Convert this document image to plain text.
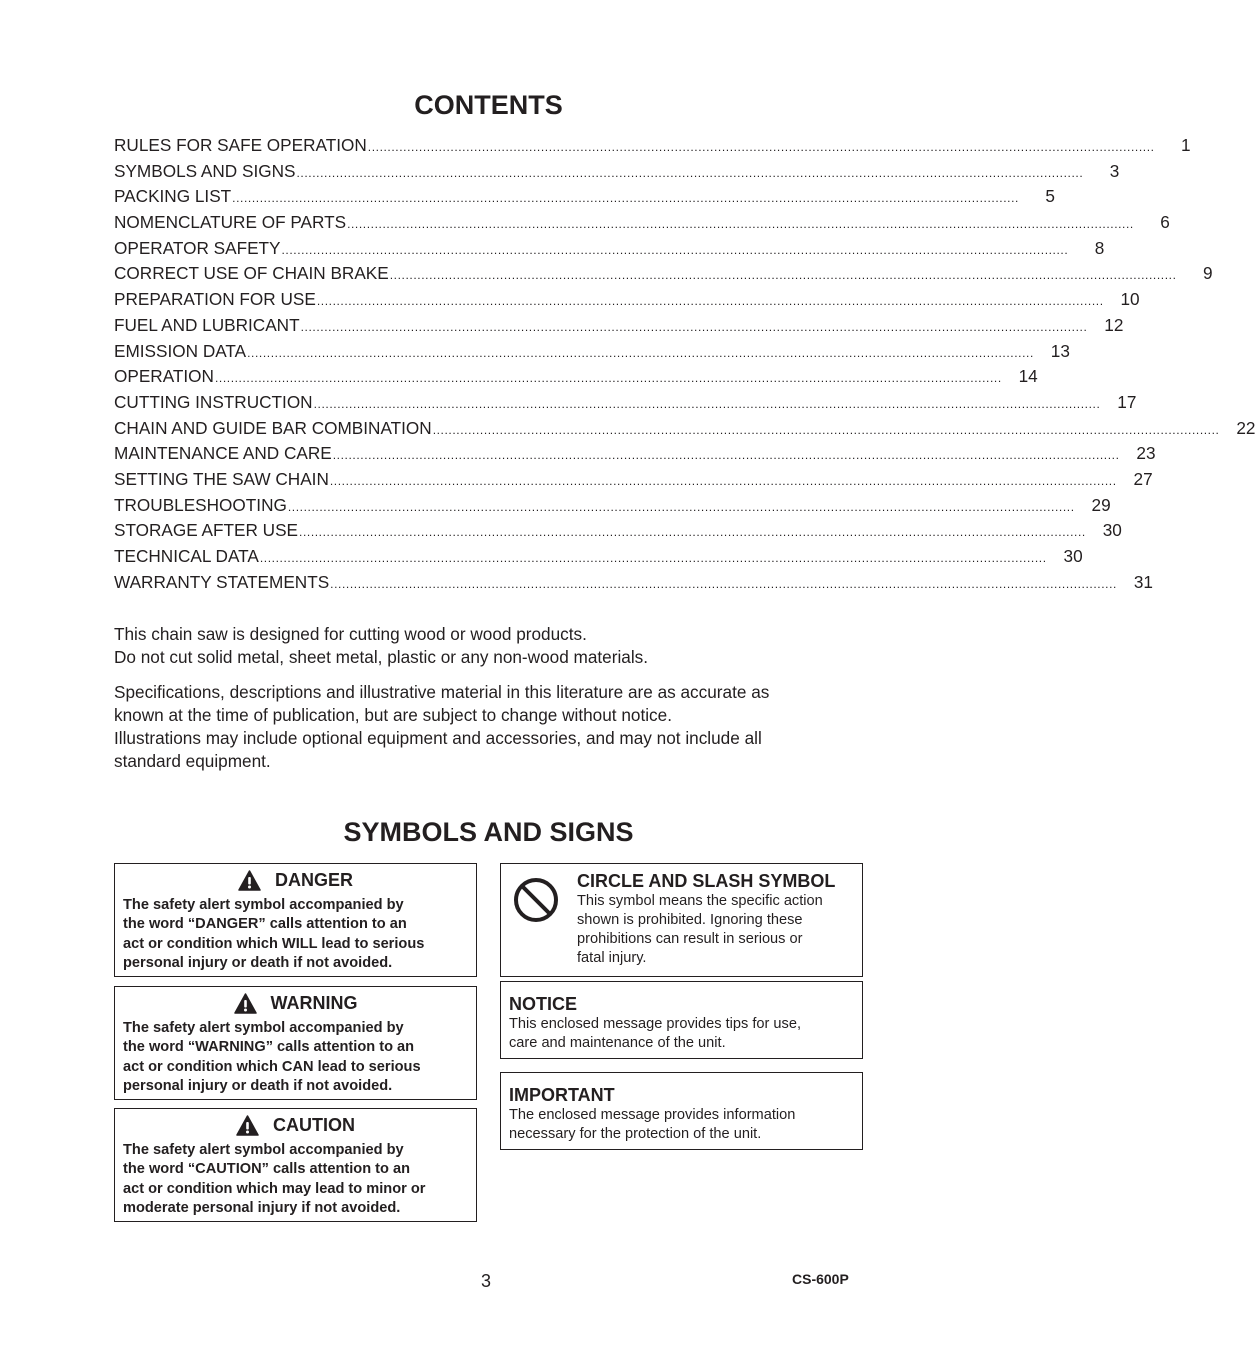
CONTENTS
RULES FOR SAFE OPERATION ........................................................................................................................................................................................................	1
SYMBOLS AND SIGNS ........................................................................................................................................................................................................	3
PACKING LIST ........................................................................................................................................................................................................	5
NOMENCLATURE OF PARTS ........................................................................................................................................................................................................	6
OPERATOR SAFETY ........................................................................................................................................................................................................	8
CORRECT USE OF CHAIN BRAKE ........................................................................................................................................................................................................	9
PREPARATION FOR USE ........................................................................................................................................................................................................ 10
FUEL AND LUBRICANT ........................................................................................................................................................................................................ 12
EMISSION DATA ........................................................................................................................................................................................................ 13
OPERATION ........................................................................................................................................................................................................ 14
CUTTING INSTRUCTION ........................................................................................................................................................................................................ 17
CHAIN AND GUIDE BAR COMBINATION ........................................................................................................................................................................................................ 22
MAINTENANCE AND CARE ........................................................................................................................................................................................................ 23
SETTING THE SAW CHAIN ........................................................................................................................................................................................................ 27
TROUBLESHOOTING ........................................................................................................................................................................................................ 29
STORAGE AFTER USE ........................................................................................................................................................................................................ 30
TECHNICAL DATA ........................................................................................................................................................................................................ 30
WARRANTY STATEMENTS ........................................................................................................................................................................................................ 31

This chain saw is designed for cutting wood or wood products.
Do not cut solid metal, sheet metal, plastic or any non-wood materials.

Specifications, descriptions and illustrative material in this literature are as accurate as
known at the time of publication, but are subject to change without notice.
Illustrations may include optional equipment and accessories, and may not include all
standard equipment.

SYMBOLS AND SIGNS
DANGER
The safety alert symbol accompanied by
the word “DANGER” calls attention to an
act or condition which WILL lead to serious
personal injury or death if not avoided.
WARNING
The safety alert symbol accompanied by
the word “WARNING” calls attention to an
act or condition which CAN lead to serious
personal injury or death if not avoided.
CAUTION
The safety alert symbol accompanied by
the word “CAUTION” calls attention to an
act or condition which may lead to minor or
moderate personal injury if not avoided.
CIRCLE AND SLASH SYMBOL
This symbol means the specific action
shown is prohibited. Ignoring these
prohibitions can result in serious or
fatal injury.
NOTICE
This enclosed message provides tips for use,
care and maintenance of the unit.
IMPORTANT
The enclosed message provides information
necessary for the protection of the unit.
3	CS-600P
